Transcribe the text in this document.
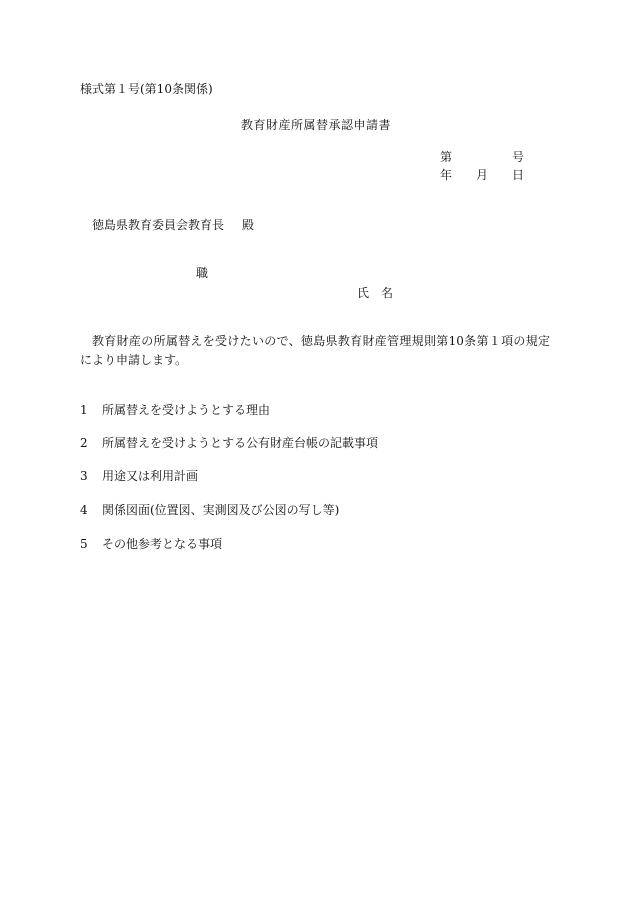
様式第１号(第10条関係)
教育財産所属替承認申請書
第	号
年 月 日
徳島県教育委員会教育長 殿
職
氏名
教育財産の所属替えを受けたいので、徳島県教育財産管理規則第10条第１項の規定により申請します。
1 所属替えを受けようとする理由
2 所属替えを受けようとする公有財産台帳の記載事項
3 用途又は利用計画
4 関係図面(位置図、実測図及び公図の写し等)
5 その他参考となる事項
